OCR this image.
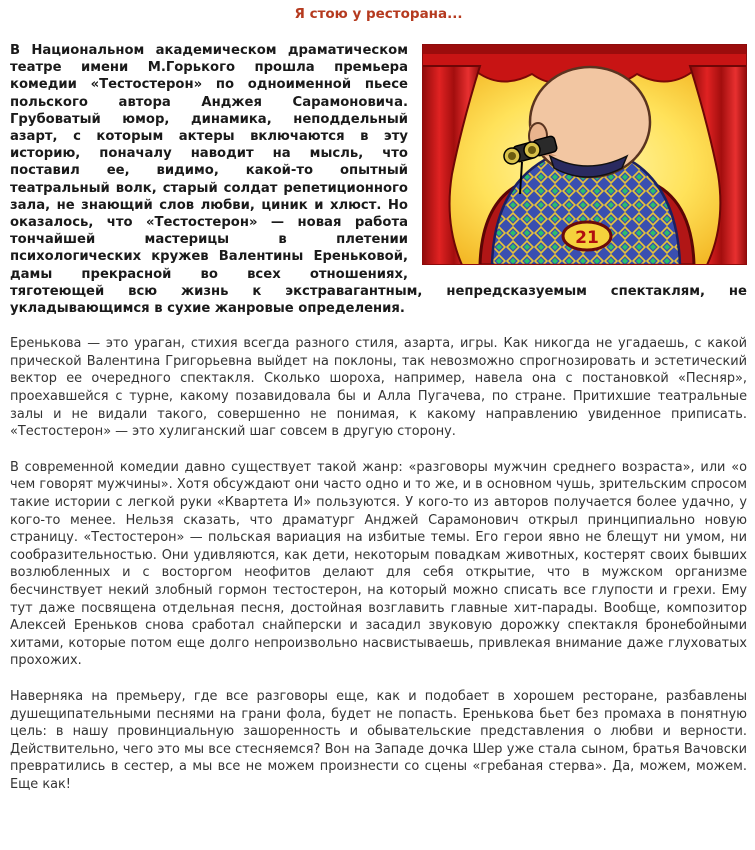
Я стою у ресторана...
21

В Национальном академическом драматическом театре имени М.Горького прошла премьера комедии «Тестостерон» по одноименной пьесе польского автора Анджея Сарамоновича. Грубоватый юмор, динамика, неподдельный азарт, с которым актеры включаются в эту историю, поначалу наводит на мысль, что поставил ее, видимо, какой-то опытный театральный волк, старый солдат репетиционного зала, не знающий слов любви, циник и хлюст. Но оказалось, что «Тестостерон» — новая работа тончайшей мастерицы в плетении психологических кружев Валентины Ереньковой, дамы прекрасной во всех отношениях, тяготеющей всю жизнь к экстравагантным, непредсказуемым спектаклям, не укладывающимся в сухие жанровые определения.

Еренькова — это ураган, стихия всегда разного стиля, азарта, игры. Как никогда не угадаешь, с какой прической Валентина Григорьевна выйдет на поклоны, так невозможно спрогнозировать и эстетический вектор ее очередного спектакля. Сколько шороха, например, навела она с постановкой «Песняр», проехавшейся с турне, какому позавидовала бы и Алла Пугачева, по стране. Притихшие театральные залы и не видали такого, совершенно не понимая, к какому направлению увиденное приписать. «Тестостерон» — это хулиганский шаг совсем в другую сторону.

В современной комедии давно существует такой жанр: «разговоры мужчин среднего возраста», или «о чем говорят мужчины». Хотя обсуждают они часто одно и то же, и в основном чушь, зрительским спросом такие истории с легкой руки «Квартета И» пользуются. У кого-то из авторов получается более удачно, у кого-то менее. Нельзя сказать, что драматург Анджей Сарамонович открыл принципиально новую страницу. «Тестостерон» — польская вариация на избитые темы. Его герои явно не блещут ни умом, ни сообразительностью. Они удивляются, как дети, некоторым повадкам животных, костерят своих бывших возлюбленных и с восторгом неофитов делают для себя открытие, что в мужском организме бесчинствует некий злобный гормон тестостерон, на который можно списать все глупости и грехи. Ему тут даже посвящена отдельная песня, достойная возглавить главные хит-парады. Вообще, композитор Алексей Ереньков снова сработал снайперски и засадил звуковую дорожку спектакля бронебойными хитами, которые потом еще долго непроизвольно насвистываешь, привлекая внимание даже глуховатых прохожих.

Наверняка на премьеру, где все разговоры еще, как и подобает в хорошем ресторане, разбавлены душещипательными песнями на грани фола, будет не попасть. Еренькова бьет без промаха в понятную цель: в нашу провинциальную зашоренность и обывательские представления о любви и верности. Действительно, чего это мы все стесняемся? Вон на Западе дочка Шер уже стала сыном, братья Вачовски превратились в сестер, а мы все не можем произнести со сцены «гребаная стерва». Да, можем, можем. Еще как!
